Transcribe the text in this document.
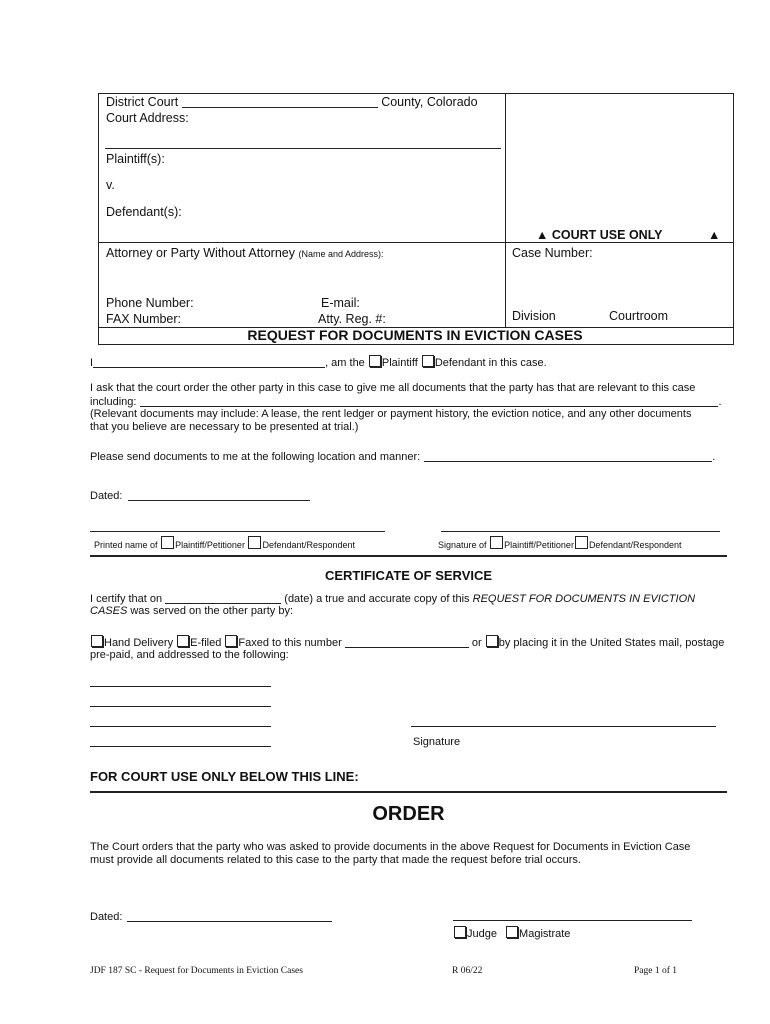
District Court	County, Colorado
Court Address:
Plaintiff(s):
v.
Defendant(s):
▲ COURT USE ONLY	▲
Attorney or Party Without Attorney (Name and Address):	Case Number:
Phone Number:	E-mail:
FAX Number:	Atty. Reg. #:	Division	Courtroom
REQUEST FOR DOCUMENTS IN EVICTION CASES
I	, am the Plaintiff Defendant in this case.
I ask that the court order the other party in this case to give me all documents that the party has that are relevant to this case
including:	.
(Relevant documents may include: A lease, the rent ledger or payment history, the eviction notice, and any other documents
that you believe are necessary to be presented at trial.)
Please send documents to me at the following location and manner:	.
Dated:
Printed name of Plaintiff/Petitioner Defendant/Respondent	Signature of Plaintiff/Petitioner Defendant/Respondent
CERTIFICATE OF SERVICE
I certify that on	(date) a true and accurate copy of this REQUEST FOR DOCUMENTS IN EVICTION
CASES was served on the other party by:
Hand Delivery E-filed Faxed to this number	or by placing it in the United States mail, postage
pre-paid, and addressed to the following:
Signature
FOR COURT USE ONLY BELOW THIS LINE:
ORDER
The Court orders that the party who was asked to provide documents in the above Request for Documents in Eviction Case
must provide all documents related to this case to the party that made the request before trial occurs.
Dated:
Judge Magistrate
JDF 187 SC - Request for Documents in Eviction Cases	R 06/22	Page 1 of 1
